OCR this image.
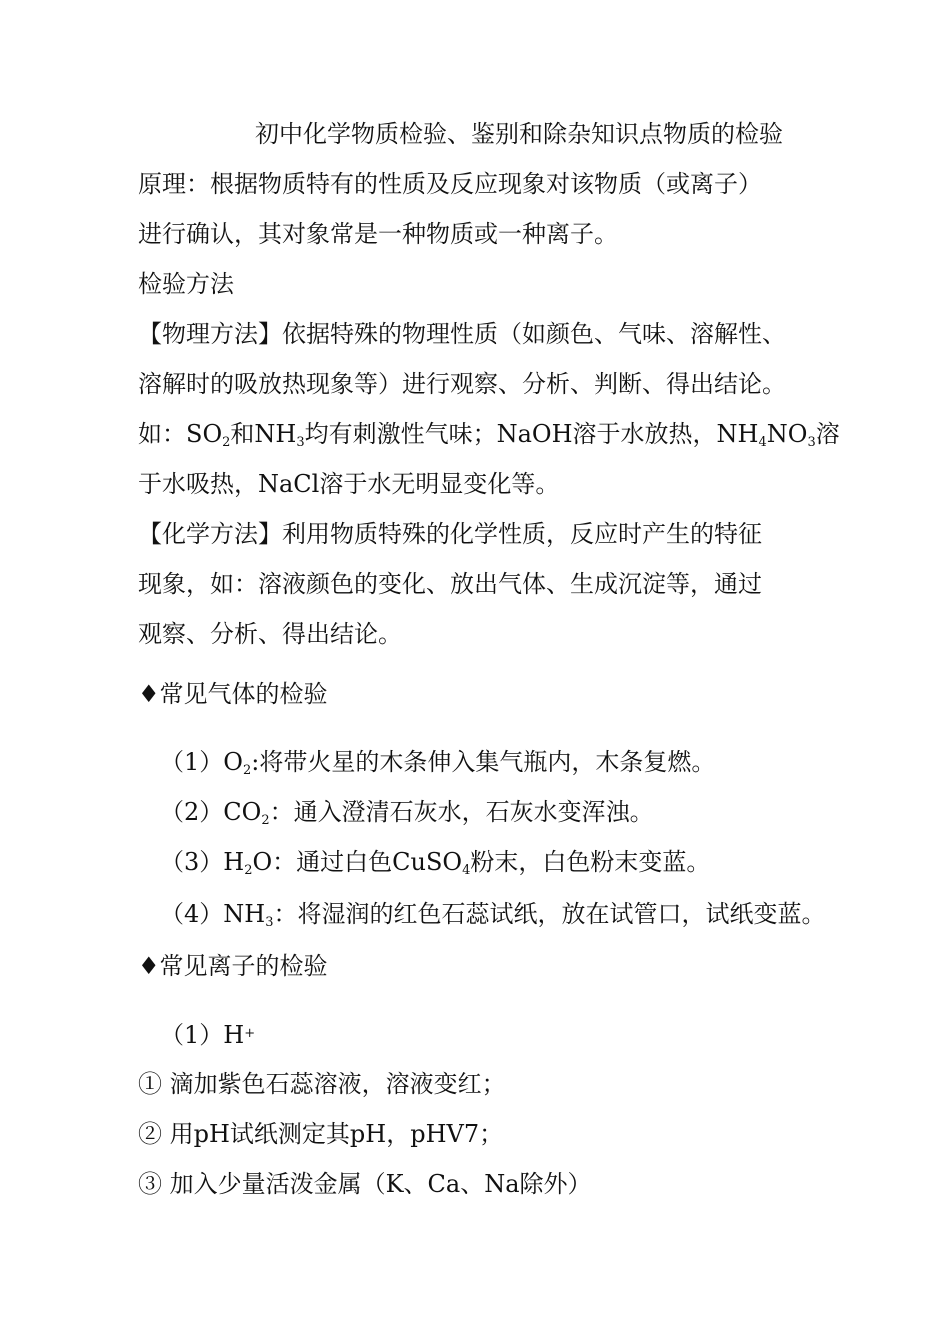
初中化学物质检验、鉴别和除杂知识点物质的检验
原理：根据物质特有的性质及反应现象对该物质（或离子）
进行确认，其对象常是一种物质或一种离子。
检验方法
【物理方法】依据特殊的物理性质（如颜色、气味、溶解性、
溶解时的吸放热现象等）进行观察、分析、判断、得出结论。
如：$SO_2$和$NH_3$均有刺激性气味；NaOH溶于水放热，$NH_4NO_3$溶
于水吸热，NaCl溶于水无明显变化等。
【化学方法】利用物质特殊的化学性质，反应时产生的特征
现象，如：溶液颜色的变化、放出气体、生成沉淀等，通过
观察、分析、得出结论。
♦常见气体的检验
$(1)O_2$:将带火星的木条伸入集气瓶内，木条复燃。
$(2)CO_2$：通入澄清石灰水，石灰水变浑浊。
$(3)H_2O$：通过白色CuSO$_4$粉末，白色粉末变蓝。
$(4)NH_3$：将湿润的红色石蕊试纸，放在试管口，试纸变蓝。
♦常见离子的检验
（1）H+
① 滴加紫色石蕊溶液，溶液变红；
② 用pH试纸测定其pH，pHV7；
③ 加入少量活泼金属（K、Ca、Na除外）
